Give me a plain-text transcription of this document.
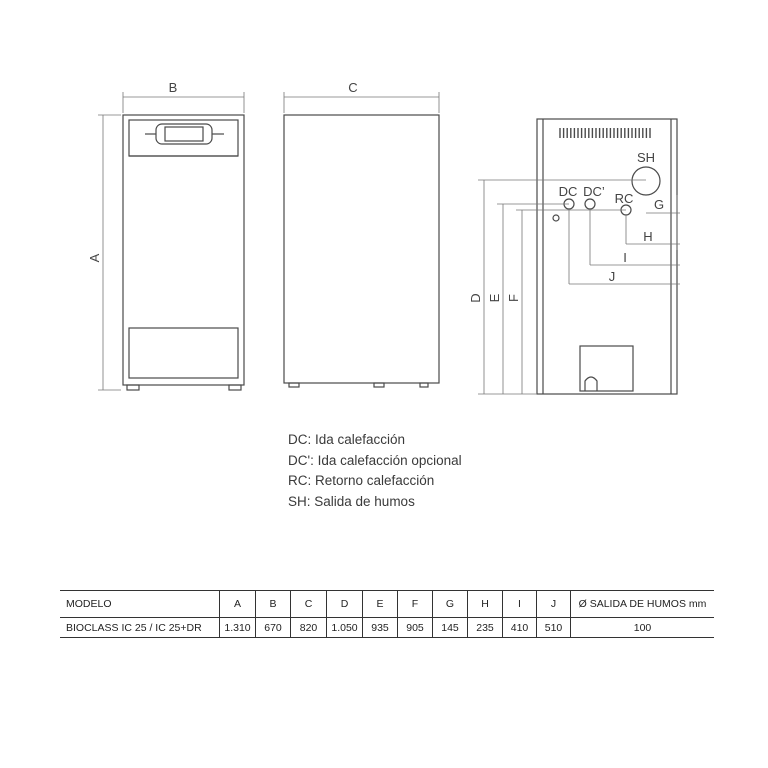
B	C
A
D E F
G
H
I
J
SH
DC DC’ RC
DC: Ida calefacción
DC': Ida calefacción opcional
RC: Retorno calefacción
SH: Salida de humos
MODELO	A	B	C	D	E	F	G	H	I	J	Ø SALIDA DE HUMOS mm
BIOCLASS IC 25 / IC 25+DR	1.310	670	820	1.050	935	905	145	235	410	510	100
